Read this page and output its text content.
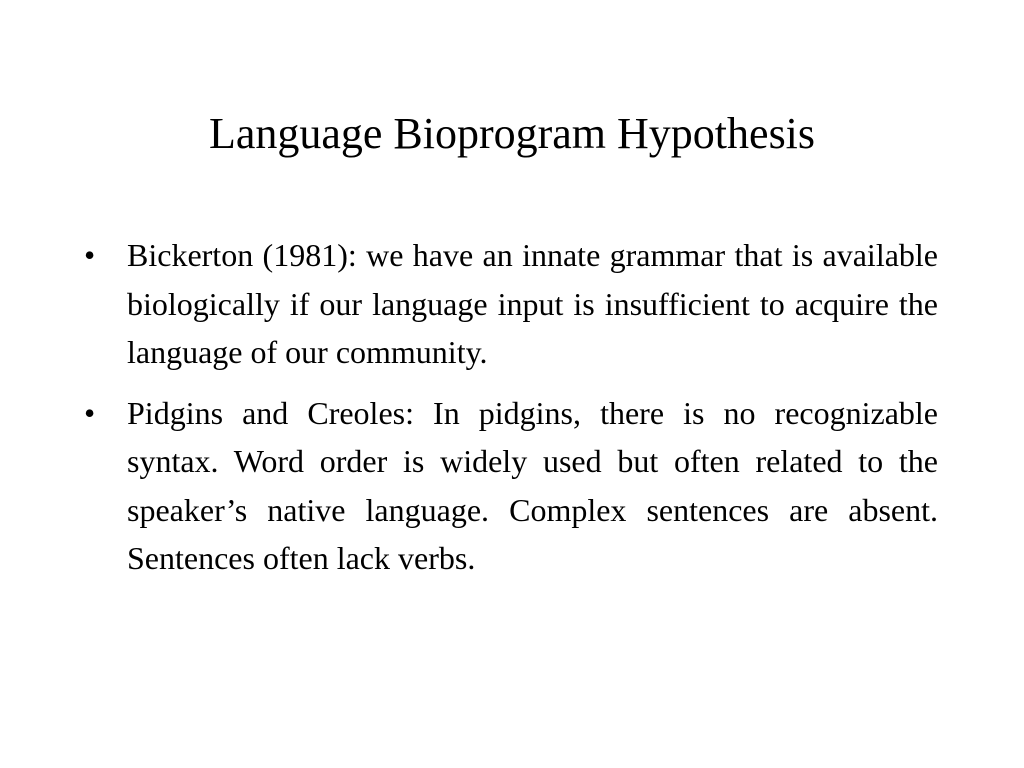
Language Bioprogram Hypothesis
• Bickerton (1981): we have an innate grammar that is available biologically if our language input is insufficient to acquire the language of our community.
• Pidgins and Creoles: In pidgins, there is no recognizable syntax. Word order is widely used but often related to the speaker’s native language. Complex sentences are absent. Sentences often lack verbs.
